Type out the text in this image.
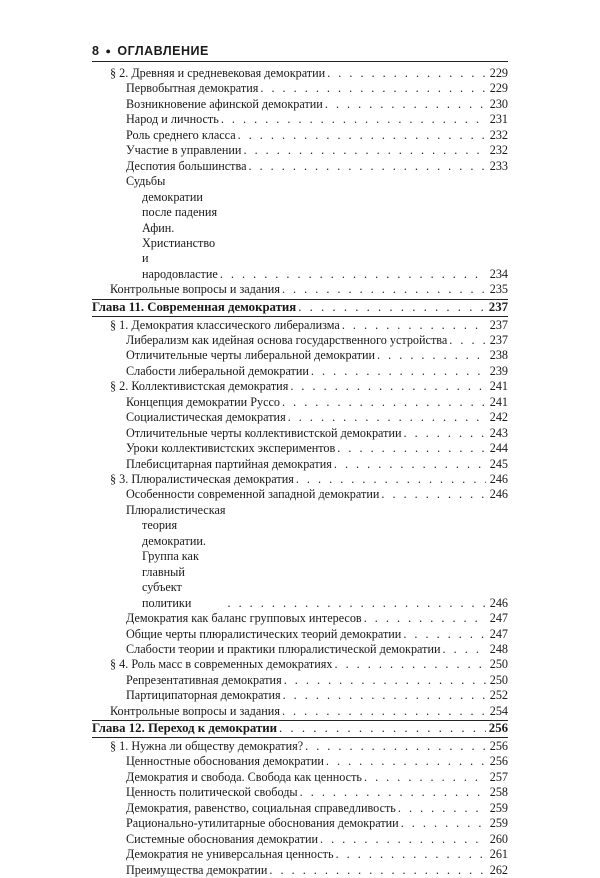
8 ● ОГЛАВЛЕНИЕ
§ 2. Древняя и средневековая демократии . . .	229
Первобытная демократия . . .	229
Возникновение афинской демократии . . .	230
Народ и личность . . .	231
Роль среднего класса . . .	232
Участие в управлении . . .	232
Деспотия большинства . . .	233
Судьбы демократии после падения Афин. Христианство и народовластие . . .	234
Контрольные вопросы и задания . . .	235
Глава 11. Современная демократия . . .	237
§ 1. Демократия классического либерализма . . .	237
Либерализм как идейная основа государственного устройства . . .	237
Отличительные черты либеральной демократии . . .	238
Слабости либеральной демократии . . .	239
§ 2. Коллективистская демократия . . .	241
Концепция демократии Руссо . . .	241
Социалистическая демократия . . .	242
Отличительные черты коллективистской демократии . . .	243
Уроки коллективистских экспериментов . . .	244
Плебисцитарная партийная демократия . . .	245
§ 3. Плюралистическая демократия . . .	246
Особенности современной западной демократии . . .	246
Плюралистическая теория демократии. Группа как главный субъект политики . . .	246
Демократия как баланс групповых интересов . . .	247
Общие черты плюралистических теорий демократии . . .	247
Слабости теории и практики плюралистической демократии . . .	248
§ 4. Роль масс в современных демократиях . . .	250
Репрезентативная демократия . . .	250
Партиципаторная демократия . . .	252
Контрольные вопросы и задания . . .	254
Глава 12. Переход к демократии . . .	256
§ 1. Нужна ли обществу демократия? . . .	256
Ценностные обоснования демократии . . .	256
Демократия и свобода. Свобода как ценность . . .	257
Ценность политической свободы . . .	258
Демократия, равенство, социальная справедливость . . .	259
Рационально-утилитарные обоснования демократии . . .	259
Системные обоснования демократии . . .	260
Демократия не универсальная ценность . . .	261
Преимущества демократии . . .	262
